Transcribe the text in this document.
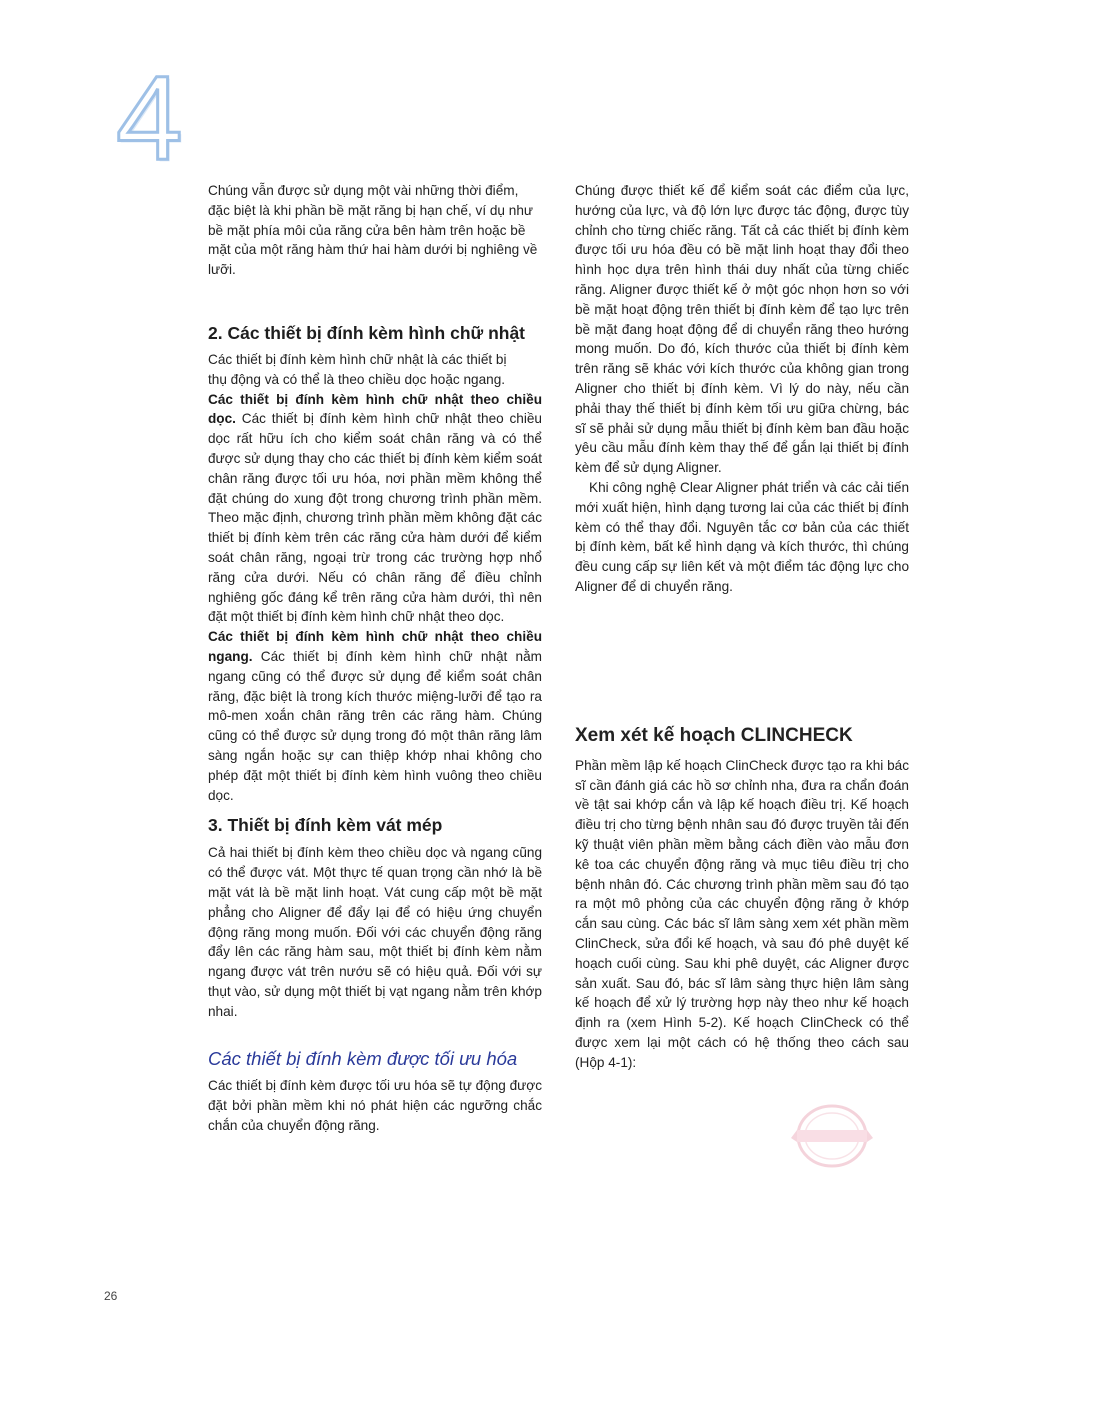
4

Chúng vẫn được sử dụng một vài những thời điểm, đặc biệt là khi phần bề mặt răng bị hạn chế, ví dụ như bề mặt phía môi của răng cửa bên hàm trên hoặc bề mặt của một răng hàm thứ hai hàm dưới bị nghiêng về lưỡi.

2. Các thiết bị đính kèm hình chữ nhật

Các thiết bị đính kèm hình chữ nhật là các thiết bị thụ động và có thể là theo chiều dọc hoặc ngang.

Các thiết bị đính kèm hình chữ nhật theo chiều dọc. Các thiết bị đính kèm hình chữ nhật theo chiều dọc rất hữu ích cho kiểm soát chân răng và có thể được sử dụng thay cho các thiết bị đính kèm kiểm soát chân răng được tối ưu hóa, nơi phần mềm không thể đặt chúng do xung đột trong chương trình phần mềm. Theo mặc định, chương trình phần mềm không đặt các thiết bị đính kèm trên các răng cửa hàm dưới để kiểm soát chân răng, ngoại trừ trong các trường hợp nhổ răng cửa dưới. Nếu có chân răng để điều chỉnh nghiêng gốc đáng kể trên răng cửa hàm dưới, thì nên đặt một thiết bị đính kèm hình chữ nhật theo dọc.

Các thiết bị đính kèm hình chữ nhật theo chiều ngang. Các thiết bị đính kèm hình chữ nhật nằm ngang cũng có thể được sử dụng để kiểm soát chân răng, đặc biệt là trong kích thước miệng-lưỡi để tạo ra mô-men xoắn chân răng trên các răng hàm. Chúng cũng có thể được sử dụng trong đó một thân răng lâm sàng ngắn hoặc sự can thiệp khớp nhai không cho phép đặt một thiết bị đính kèm hình vuông theo chiều dọc.

3. Thiết bị đính kèm vát mép

Cả hai thiết bị đính kèm theo chiều dọc và ngang cũng có thể được vát. Một thực tế quan trọng cần nhớ là bề mặt vát là bề mặt linh hoạt. Vát cung cấp một bề mặt phẳng cho Aligner để đẩy lại để có hiệu ứng chuyển động răng mong muốn. Đối với các chuyển động răng đẩy lên các răng hàm sau, một thiết bị đính kèm nằm ngang được vát trên nướu sẽ có hiệu quả. Đối với sự thụt vào, sử dụng một thiết bị vạt ngang nằm trên khớp nhai.

Các thiết bị đính kèm được tối ưu hóa

Các thiết bị đính kèm được tối ưu hóa sẽ tự động được đặt bởi phần mềm khi nó phát hiện các ngưỡng chắc chắn của chuyển động răng.

Chúng được thiết kế để kiểm soát các điểm của lực, hướng của lực, và độ lớn lực được tác động, được tùy chỉnh cho từng chiếc răng. Tất cả các thiết bị đính kèm được tối ưu hóa đều có bề mặt linh hoạt thay đổi theo hình học dựa trên hình thái duy nhất của từng chiếc răng. Aligner được thiết kế ở một góc nhọn hơn so với bề mặt hoạt động trên thiết bị đính kèm để tạo lực trên bề mặt đang hoạt động để di chuyển răng theo hướng mong muốn. Do đó, kích thước của thiết bị đính kèm trên răng sẽ khác với kích thước của không gian trong Aligner cho thiết bị đính kèm. Vì lý do này, nếu cần phải thay thế thiết bị đính kèm tối ưu giữa chừng, bác sĩ sẽ phải sử dụng mẫu thiết bị đính kèm ban đầu hoặc yêu cầu mẫu đính kèm thay thế để gắn lại thiết bị đính kèm để sử dụng Aligner.

Khi công nghệ Clear Aligner phát triển và các cải tiến mới xuất hiện, hình dạng tương lai của các thiết bị đính kèm có thể thay đổi. Nguyên tắc cơ bản của các thiết bị đính kèm, bất kể hình dạng và kích thước, thì chúng đều cung cấp sự liên kết và một điểm tác động lực cho Aligner để di chuyển răng.

Xem xét kế hoạch CLINCHECK

Phần mềm lập kế hoạch ClinCheck được tạo ra khi bác sĩ cần đánh giá các hồ sơ chỉnh nha, đưa ra chẩn đoán về tật sai khớp cắn và lập kế hoạch điều trị. Kế hoạch điều trị cho từng bệnh nhân sau đó được truyền tải đến kỹ thuật viên phần mềm bằng cách điền vào mẫu đơn kê toa các chuyển động răng và mục tiêu điều trị cho bệnh nhân đó. Các chương trình phần mềm sau đó tạo ra một mô phỏng của các chuyển động răng ở khớp cắn sau cùng. Các bác sĩ lâm sàng xem xét phần mềm ClinCheck, sửa đổi kế hoạch, và sau đó phê duyệt kế hoạch cuối cùng. Sau khi phê duyệt, các Aligner được sản xuất. Sau đó, bác sĩ lâm sàng thực hiện lâm sàng kế hoạch để xử lý trường hợp này theo như kế hoạch định ra (xem Hình 5-2). Kế hoạch ClinCheck có thể được xem lại một cách có hệ thống theo cách sau (Hộp 4-1):

26
